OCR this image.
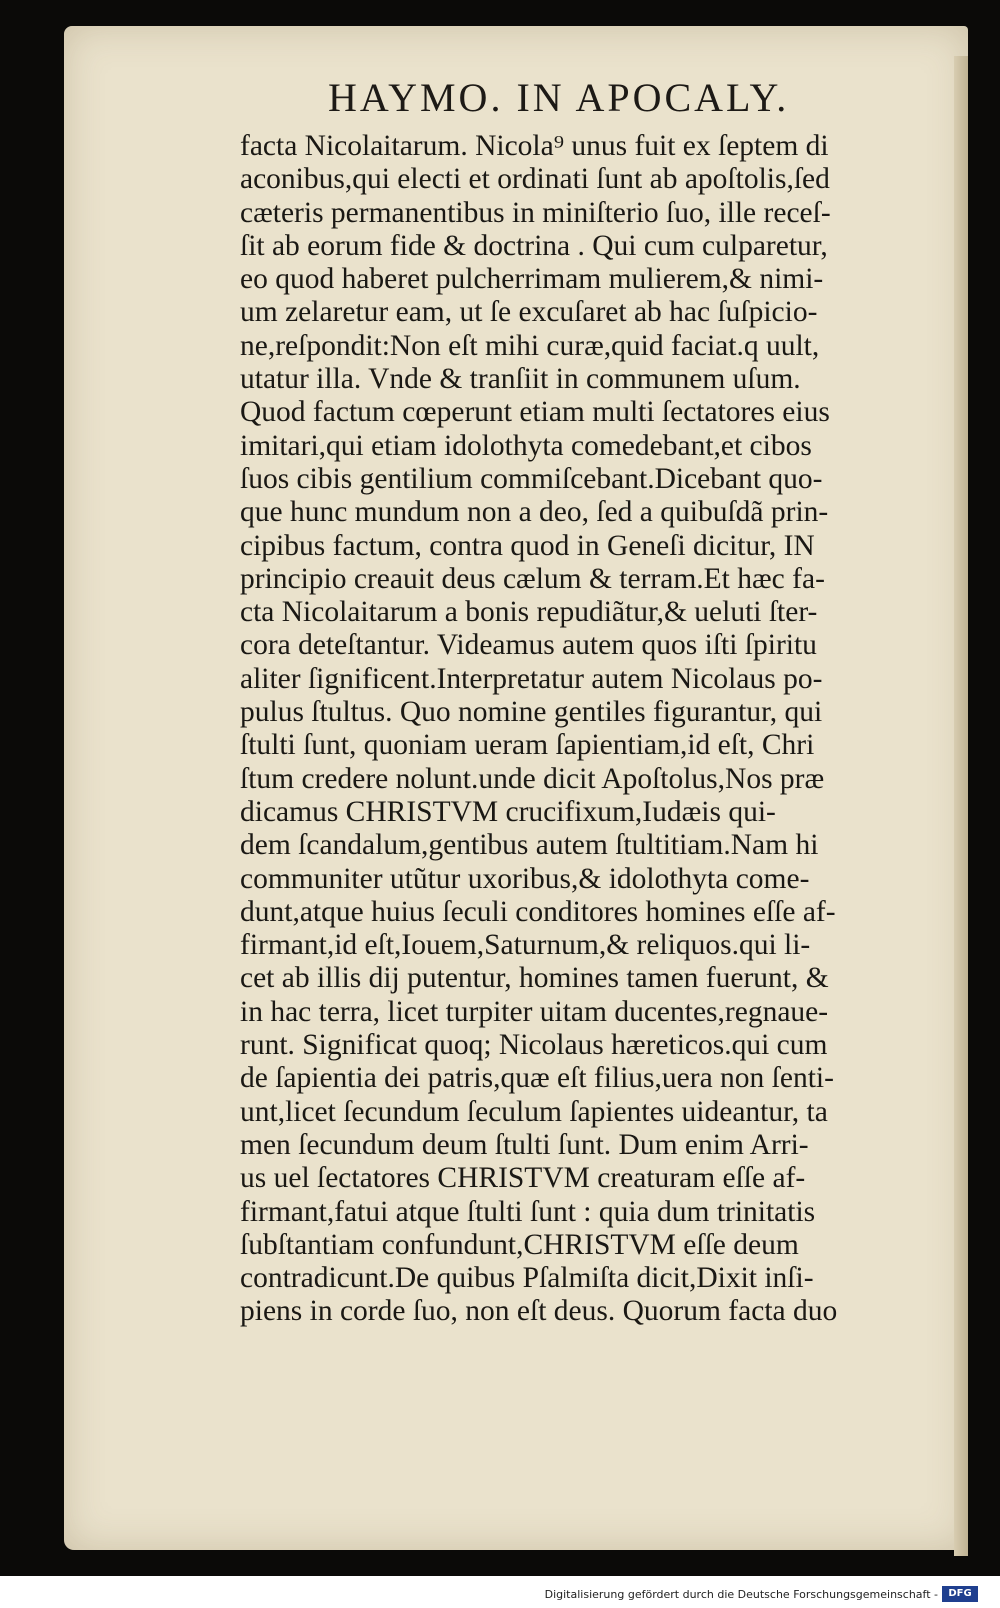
HAYMO. IN APOCALY.
facta Nicolaitarum. Nicola⁹ unus fuit ex ſeptem di
aconibus,qui electi et ordinati ſunt ab apoſtolis,ſed
cæteris permanentibus in miniſterio ſuo, ille receſ-
ſit ab eorum fide & doctrina . Qui cum culparetur,
eo quod haberet pulcherrimam mulierem,& nimi-
um zelaretur eam, ut ſe excuſaret ab hac ſuſpicio-
ne,reſpondit:Non eſt mihi curæ,quid faciat.q uult,
utatur illa. Vnde & tranſiit in communem uſum.
Quod factum cœperunt etiam multi ſectatores eius
imitari,qui etiam idolothyta comedebant,et cibos
ſuos cibis gentilium commiſcebant.Dicebant quo-
que hunc mundum non a deo, ſed a quibuſdã prin-
cipibus factum, contra quod in Geneſi dicitur, IN
principio creauit deus cælum & terram.Et hæc fa-
cta Nicolaitarum a bonis repudiãtur,& ueluti ſter-
cora deteſtantur. Videamus autem quos iſti ſpiritu
aliter ſignificent.Interpretatur autem Nicolaus po-
pulus ſtultus. Quo nomine gentiles figurantur, qui
ſtulti ſunt, quoniam ueram ſapientiam,id eſt, Chri
ſtum credere nolunt.unde dicit Apoſtolus,Nos præ
dicamus CHRISTVM crucifixum,Iudæis qui-
dem ſcandalum,gentibus autem ſtultitiam.Nam hi
communiter utũtur uxoribus,& idolothyta come-
dunt,atque huius ſeculi conditores homines eſſe af-
firmant,id eſt,Iouem,Saturnum,& reliquos.qui li-
cet ab illis dij putentur, homines tamen fuerunt, &
in hac terra, licet turpiter uitam ducentes,regnaue-
runt. Significat quoq; Nicolaus hæreticos.qui cum
de ſapientia dei patris,quæ eſt filius,uera non ſenti-
unt,licet ſecundum ſeculum ſapientes uideantur, ta
men ſecundum deum ſtulti ſunt. Dum enim Arri-
us uel ſectatores CHRISTVM creaturam eſſe af-
firmant,fatui atque ſtulti ſunt : quia dum trinitatis
ſubſtantiam confundunt,CHRISTVM eſſe deum
contradicunt.De quibus Pſalmiſta dicit,Dixit inſi-
piens in corde ſuo, non eſt deus. Quorum facta duo
Digitalisierung gefördert durch die Deutsche Forschungsgemeinschaft -	DFG
